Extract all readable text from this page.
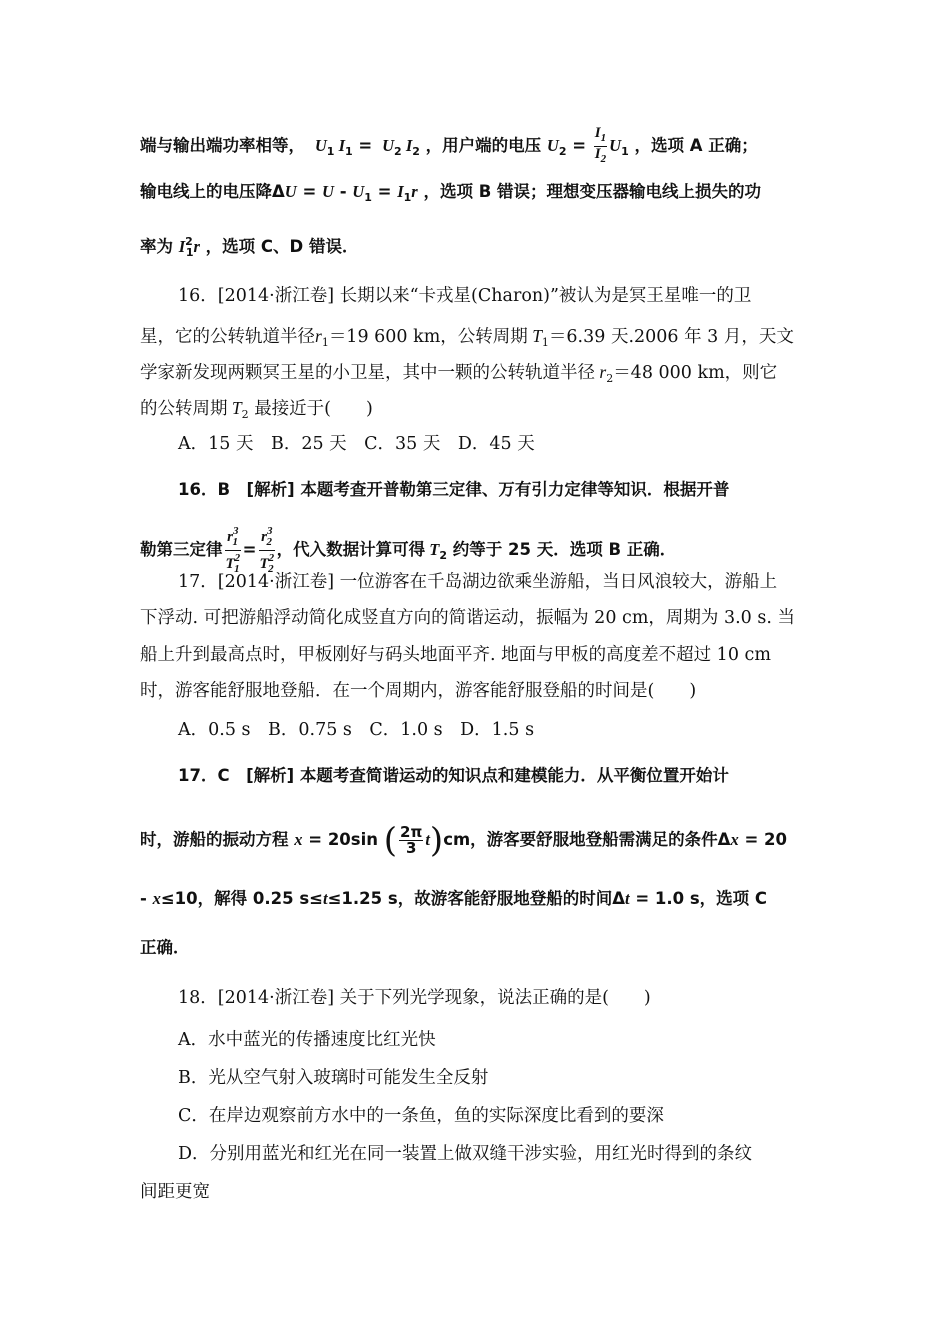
端与输出端功率相等，  $U_1$ $I_1 = U_2$ $I_2$ ，用户端的电压 $U_2 = \frac{I_1}{I_2} U_1$ ，选项 A 正确；
输电线上的电压降$\Delta U = U - U_1 = I_1r$ ，选项 B 错误；理想变压器输电线上损失的功
率为 $I^2_1r$ ，选项 C、D 错误．
16．[2014·浙江卷] 长期以来“卡戎星(Charon)”被认为是冥王星唯一的卫
星，它的公转轨道半径$r_1=19$ 600 km，公转周期 $T_1=6.39$ 天.2006 年 3 月，天文
学家新发现两颗冥王星的小卫星，其中一颗的公转轨道半径 $r_2=48$ 000 km，则它
的公转周期 $T_2$ 最接近于(　　)
A．15 天　B．25 天　C．35 天　D．45 天
16．B　[解析] 本题考查开普勒第三定律、万有引力定律等知识．根据开普
勒第三定律 $\frac{r^3_1}{T^2_1} = \frac{r^3_2}{T^2_2}$ ，代入数据计算可得 $T_2$ 约等于 25 天．选项 B 正确．
17．[2014·浙江卷] 一位游客在千岛湖边欲乘坐游船，当日风浪较大，游船上
下浮动. 可把游船浮动简化成竖直方向的简谐运动，振幅为 20 cm，周期为 3.0 s. 当
船上升到最高点时，甲板刚好与码头地面平齐. 地面与甲板的高度差不超过 10 cm
时，游客能舒服地登船．在一个周期内，游客能舒服登船的时间是(　　)
A．0.5 s　B．0.75 s　C．1.0 s　D．1.5 s
17．C　[解析] 本题考查简谐运动的知识点和建模能力．从平衡位置开始计
时，游船的振动方程 x = 20sin ( $\frac{2\pi}{3} t)cm$，游客要舒服地登船需满足的条件Δx = 20
- x≤10，解得 0.25 s≤t≤1.25 s，故游客能舒服地登船的时间Δt = 1.0 s，选项 C
正确．
18．[2014·浙江卷] 关于下列光学现象，说法正确的是(　　)
A．水中蓝光的传播速度比红光快
B．光从空气射入玻璃时可能发生全反射
C．在岸边观察前方水中的一条鱼，鱼的实际深度比看到的要深
D．分别用蓝光和红光在同一装置上做双缝干涉实验，用红光时得到的条纹
间距更宽
